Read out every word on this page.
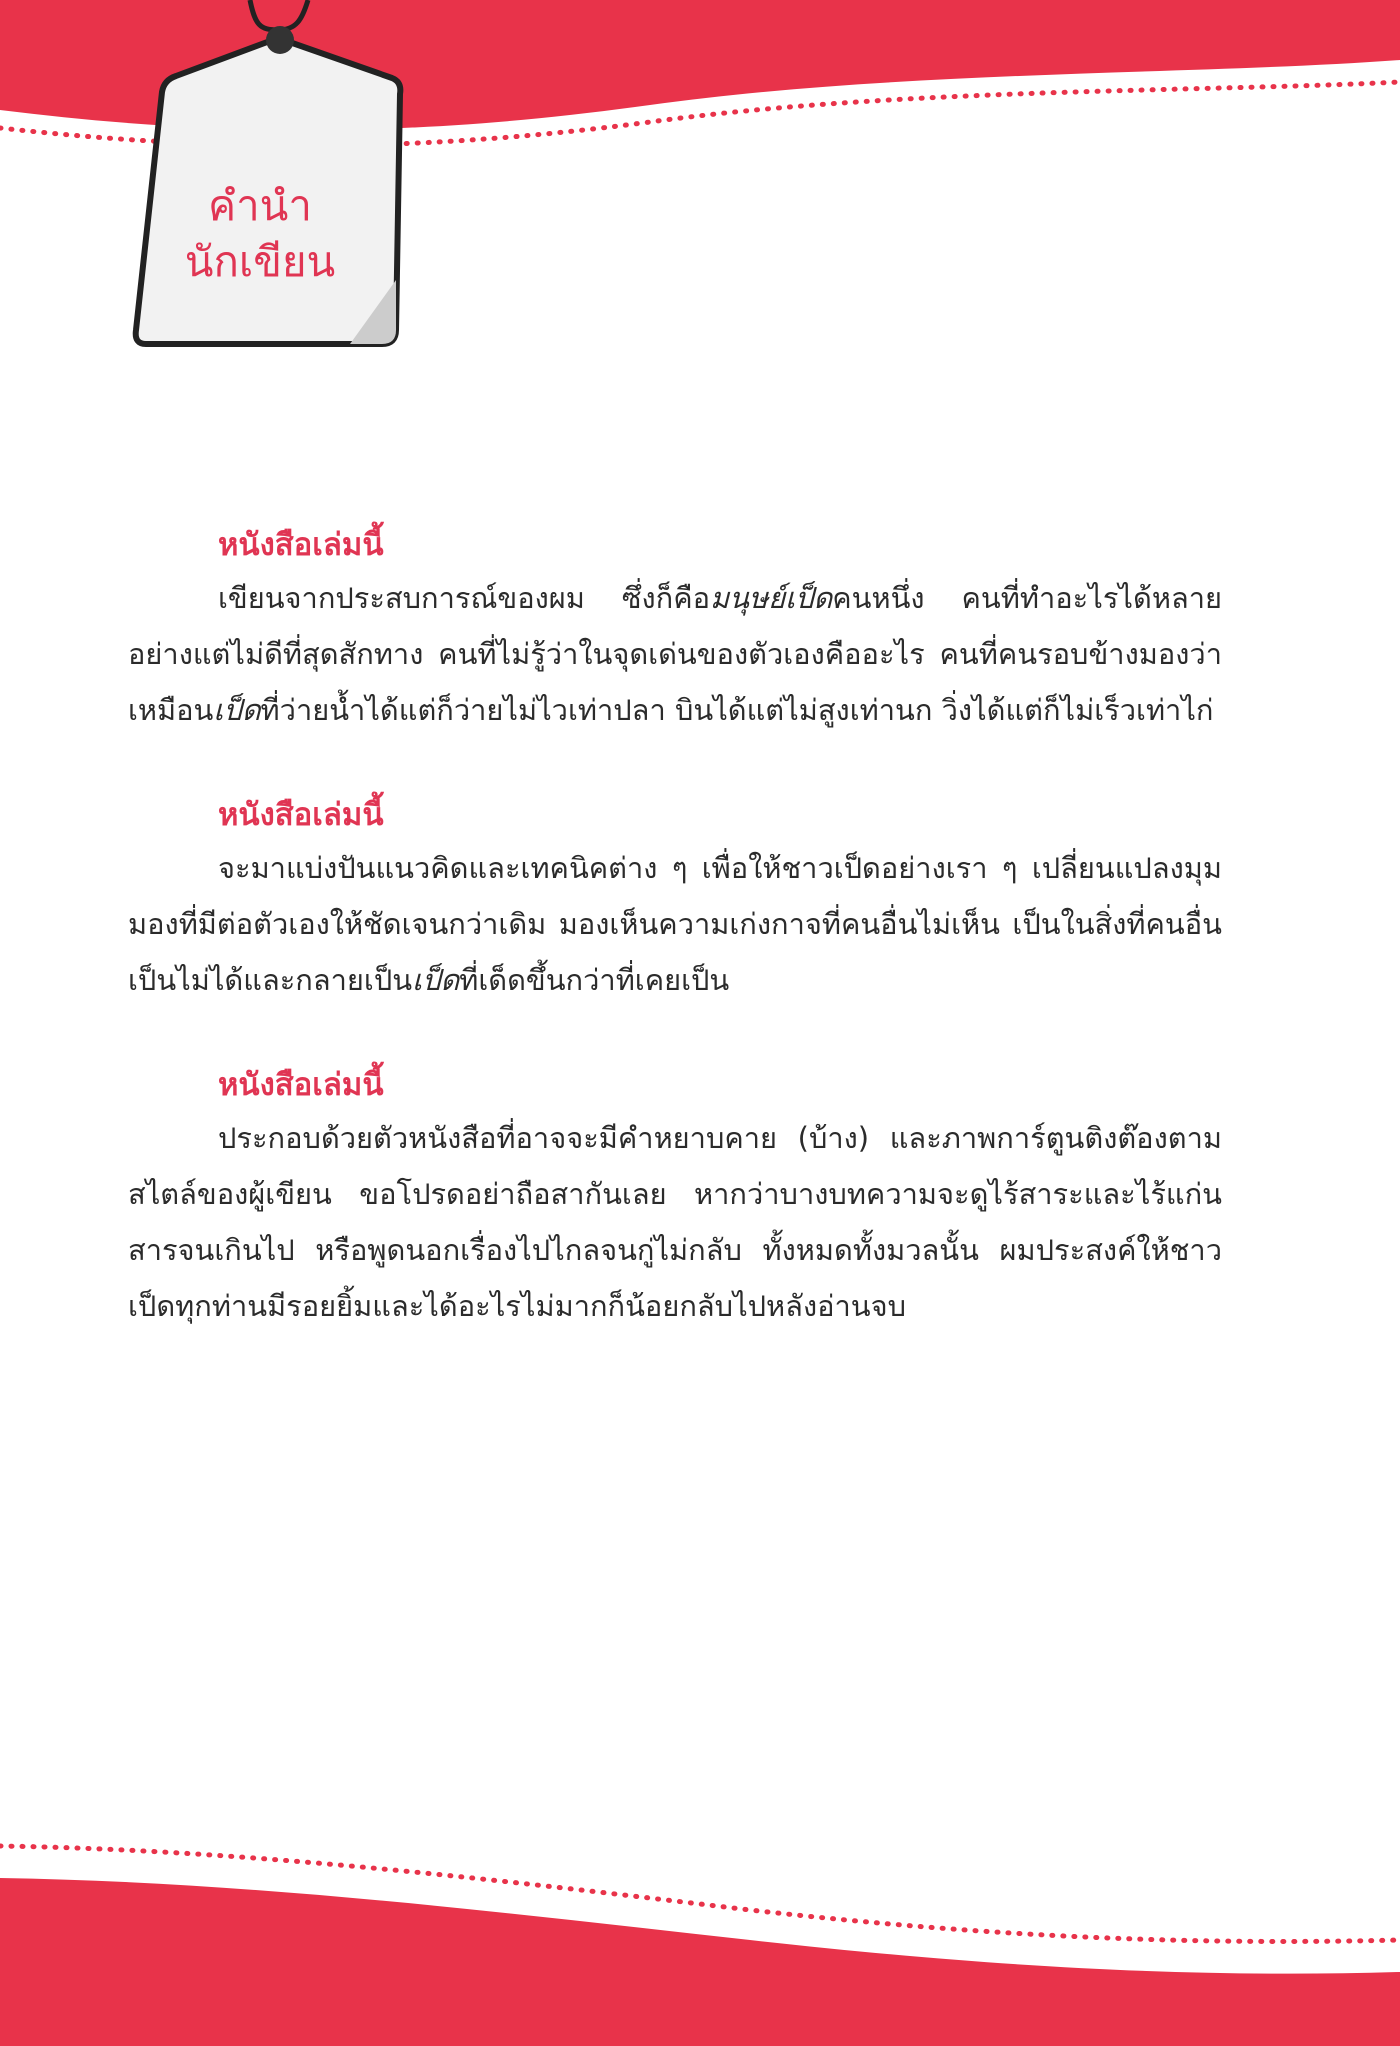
คำนำ
นักเขียน
หนังสือเล่มนี้

เขียนจากประสบการณ์ของผม ซึ่งก็คือมนุษย์เป็ดคนหนึ่ง คนที่ทำอะไรได้หลายอย่างแต่ไม่ดีที่สุดสักทาง คนที่ไม่รู้ว่าในจุดเด่นของตัวเองคืออะไร คนที่คนรอบข้างมองว่าเหมือนเป็ดที่ว่ายน้ำได้แต่ก็ว่ายไม่ไวเท่าปลา บินได้แต่ไม่สูงเท่านก วิ่งได้แต่ก็ไม่เร็วเท่าไก่

หนังสือเล่มนี้

จะมาแบ่งปันแนวคิดและเทคนิคต่าง ๆ เพื่อให้ชาวเป็ดอย่างเรา ๆ เปลี่ยนแปลงมุมมองที่มีต่อตัวเองให้ชัดเจนกว่าเดิม มองเห็นความเก่งกาจที่คนอื่นไม่เห็น เป็นในสิ่งที่คนอื่นเป็นไม่ได้และกลายเป็นเป็ดที่เด็ดขึ้นกว่าที่เคยเป็น

หนังสือเล่มนี้

ประกอบด้วยตัวหนังสือที่อาจจะมีคำหยาบคาย (บ้าง) และภาพการ์ตูนติงต๊องตามสไตล์ของผู้เขียน ขอโปรดอย่าถือสากันเลย หากว่าบางบทความจะดูไร้สาระและไร้แก่นสารจนเกินไป หรือพูดนอกเรื่องไปไกลจนกู่ไม่กลับ ทั้งหมดทั้งมวลนั้น ผมประสงค์ให้ชาวเป็ดทุกท่านมีรอยยิ้มและได้อะไรไม่มากก็น้อยกลับไปหลังอ่านจบ
